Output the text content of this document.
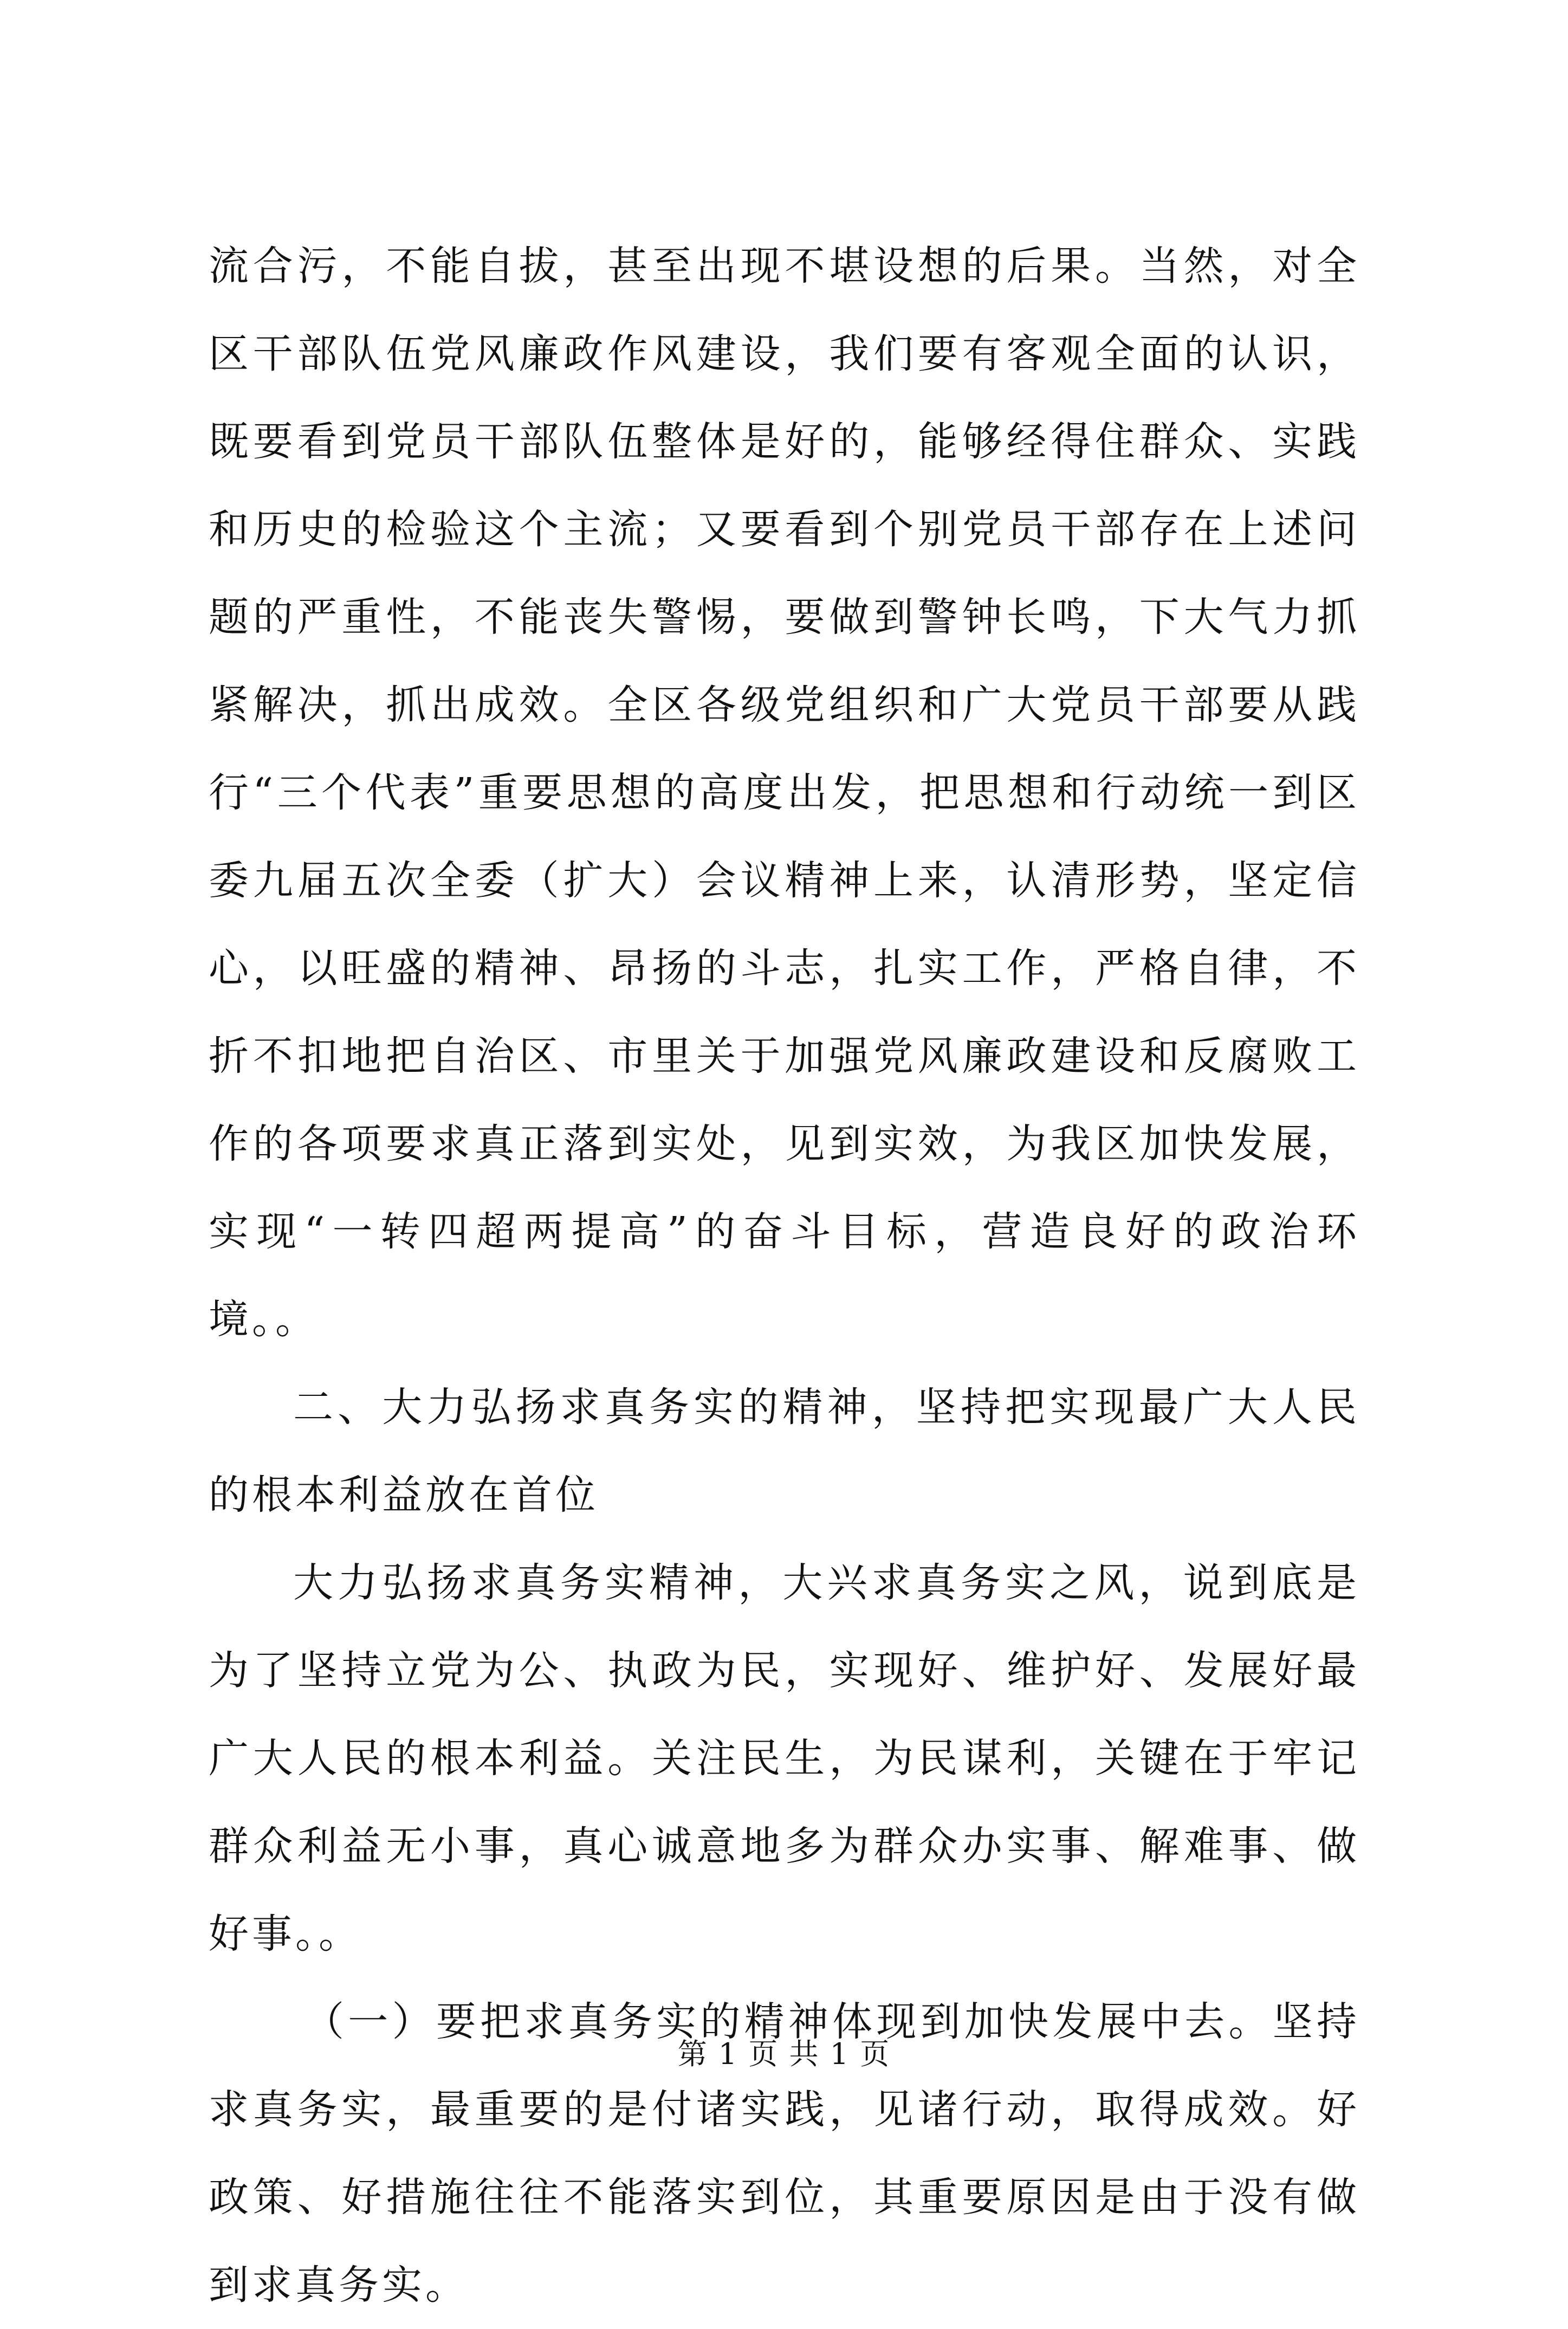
流合污，不能自拔，甚至出现不堪设想的后果。当然，对全区干部队伍党风廉政作风建设，我们要有客观全面的认识，既要看到党员干部队伍整体是好的，能够经得住群众、实践和历史的检验这个主流；又要看到个别党员干部存在上述问题的严重性，不能丧失警惕，要做到警钟长鸣，下大气力抓紧解决，抓出成效。全区各级党组织和广大党员干部要从践行“三个代表”重要思想的高度出发，把思想和行动统一到区委九届五次全委（扩大）会议精神上来，认清形势，坚定信心，以旺盛的精神、昂扬的斗志，扎实工作，严格自律，不折不扣地把自治区、市里关于加强党风廉政建设和反腐败工作的各项要求真正落到实处，见到实效，为我区加快发展，实现“一转四超两提高”的奋斗目标，营造良好的政治环境。。

二、大力弘扬求真务实的精神，坚持把实现最广大人民的根本利益放在首位

大力弘扬求真务实精神，大兴求真务实之风，说到底是为了坚持立党为公、执政为民，实现好、维护好、发展好最广大人民的根本利益。关注民生，为民谋利，关键在于牢记群众利益无小事，真心诚意地多为群众办实事、解难事、做好事。。

（一）要把求真务实的精神体现到加快发展中去。坚持求真务实，最重要的是付诸实践，见诸行动，取得成效。好政策、好措施往往不能落实到位，其重要原因是由于没有做到求真务实。

第 1 页 共 1 页
